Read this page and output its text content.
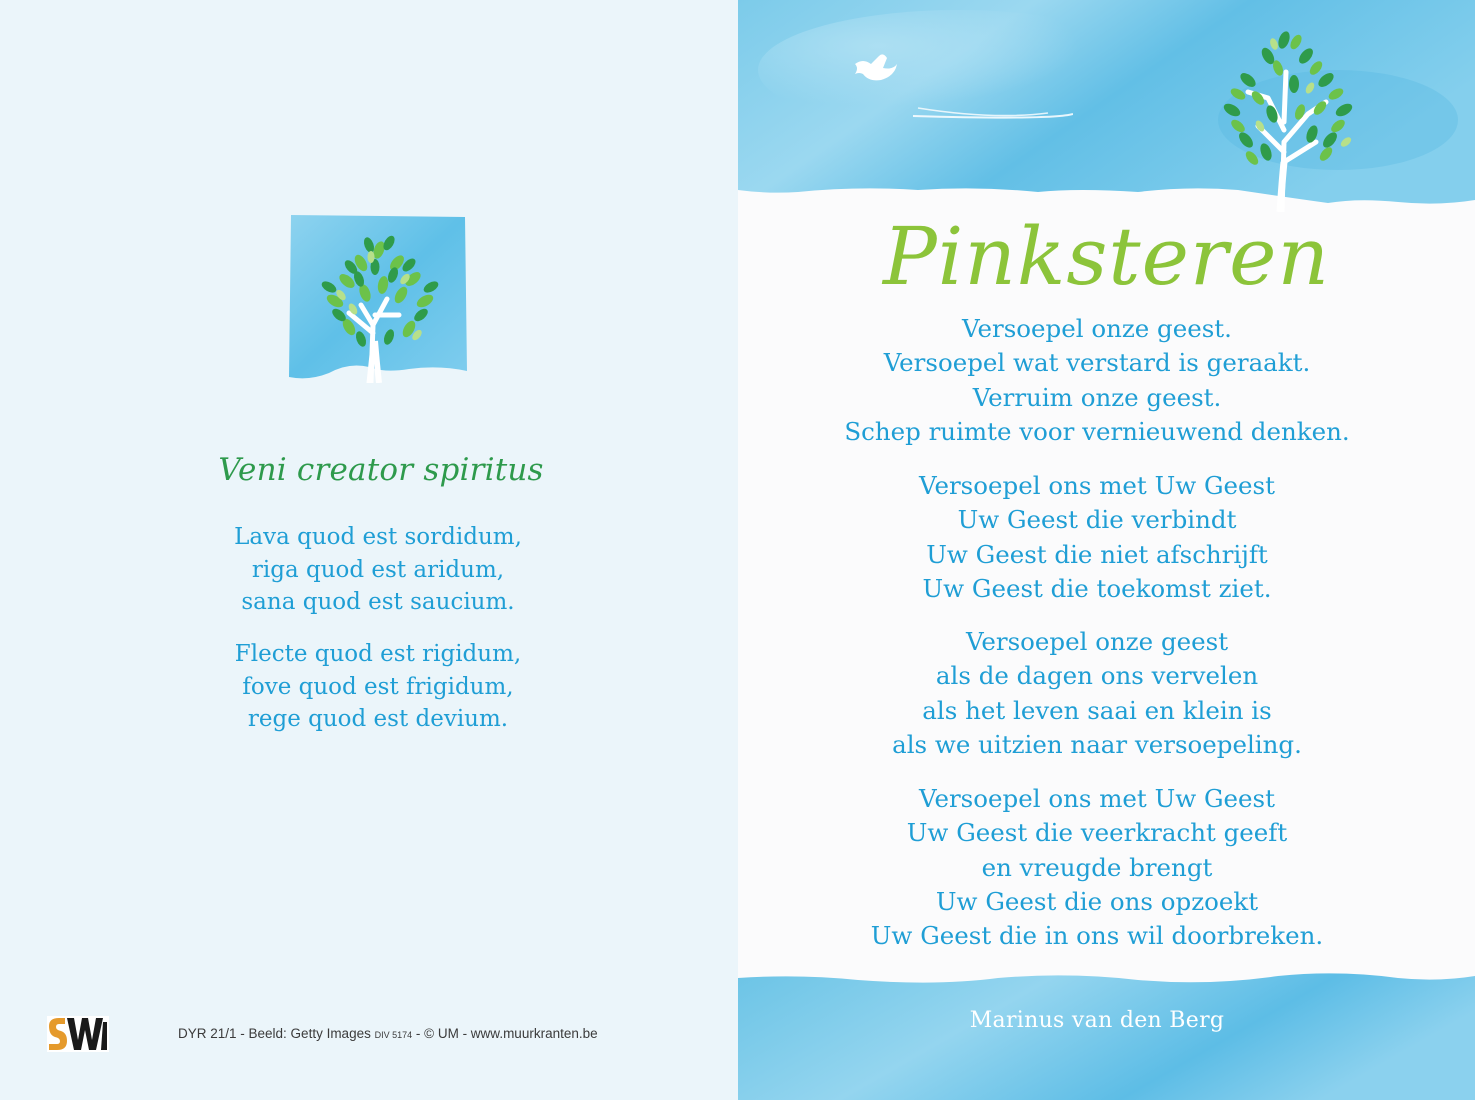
Veni creator spiritus
Lava quod est sordidum,
riga quod est aridum,
sana quod est saucium.
Flecte quod est rigidum,
fove quod est frigidum,
rege quod est devium.
DYR 21/1 - Beeld: Getty Images DIV 5174 - © UM - www.muurkranten.be
Pinksteren
Versoepel onze geest.
Versoepel wat verstard is geraakt.
Verruim onze geest.
Schep ruimte voor vernieuwend denken.
Versoepel ons met Uw Geest
Uw Geest die verbindt
Uw Geest die niet afschrijft
Uw Geest die toekomst ziet.
Versoepel onze geest
als de dagen ons vervelen
als het leven saai en klein is
als we uitzien naar versoepeling.
Versoepel ons met Uw Geest
Uw Geest die veerkracht geeft
en vreugde brengt
Uw Geest die ons opzoekt
Uw Geest die in ons wil doorbreken.
Marinus van den Berg
